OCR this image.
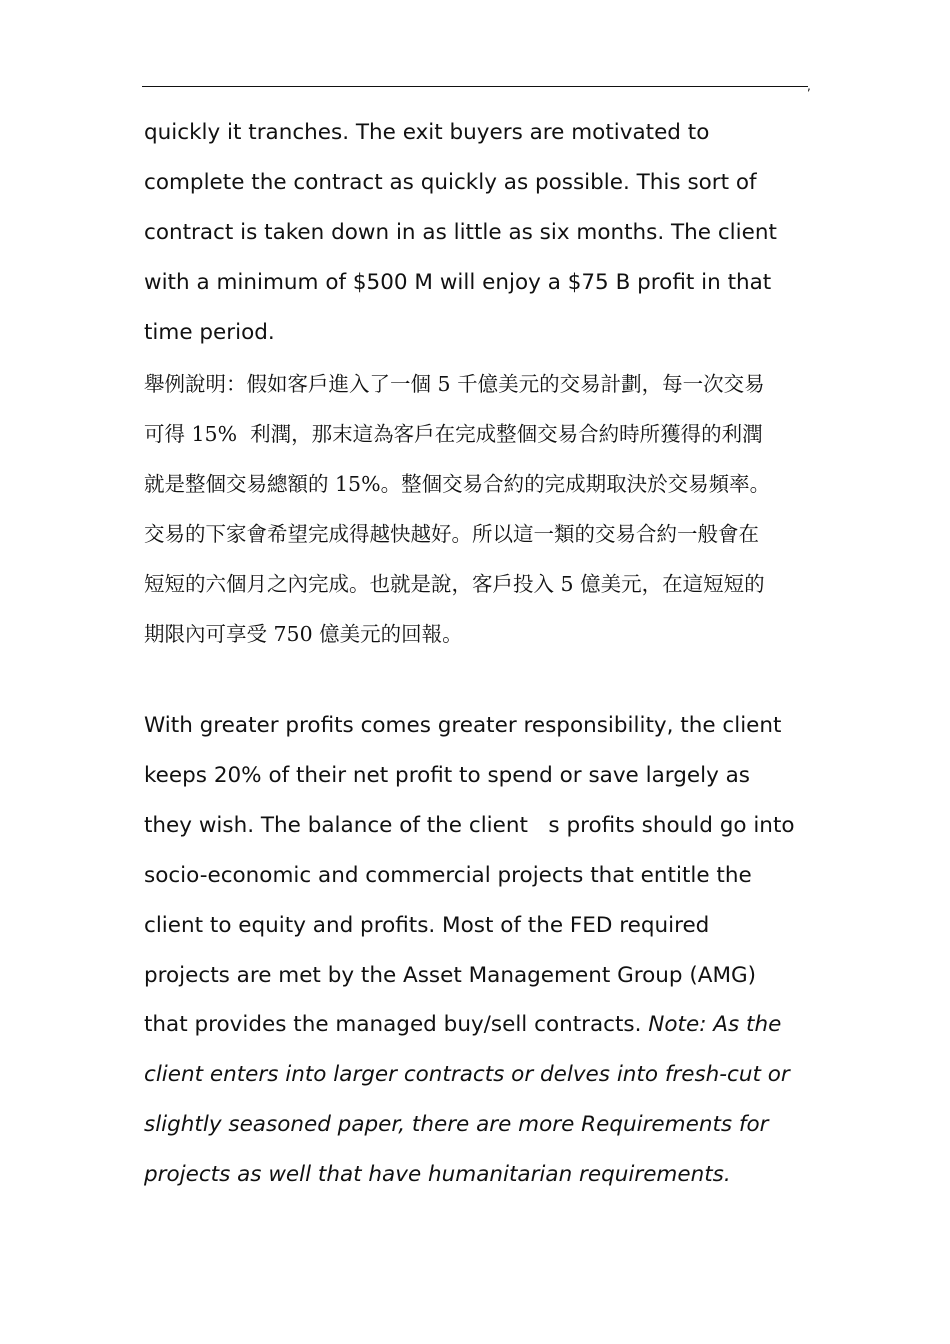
,
quickly it tranches. The exit buyers are motivated to
complete the contract as quickly as possible. This sort of
contract is taken down in as little as six months. The client
with a minimum of $500 M will enjoy a $75 B profit in that
time period.
舉例說明：假如客戶進入了一個 5 千億美元的交易計劃，每一次交易
可得 15%  利潤，那末這為客戶在完成整個交易合約時所獲得的利潤
就是整個交易總額的 15%。整個交易合約的完成期取決於交易頻率。
交易的下家會希望完成得越快越好。所以這一類的交易合約一般會在
短短的六個月之內完成。也就是說，客戶投入 5 億美元，在這短短的
期限內可享受 750 億美元的回報。
With greater profits comes greater responsibility, the client
keeps 20% of their net profit to spend or save largely as
they wish. The balance of the client   s profits should go into
socio-economic and commercial projects that entitle the
client to equity and profits. Most of the FED required
projects are met by the Asset Management Group (AMG)
that provides the managed buy/sell contracts. Note: As the
client enters into larger contracts or delves into fresh-cut or
slightly seasoned paper, there are more Requirements for
projects as well that have humanitarian requirements.
